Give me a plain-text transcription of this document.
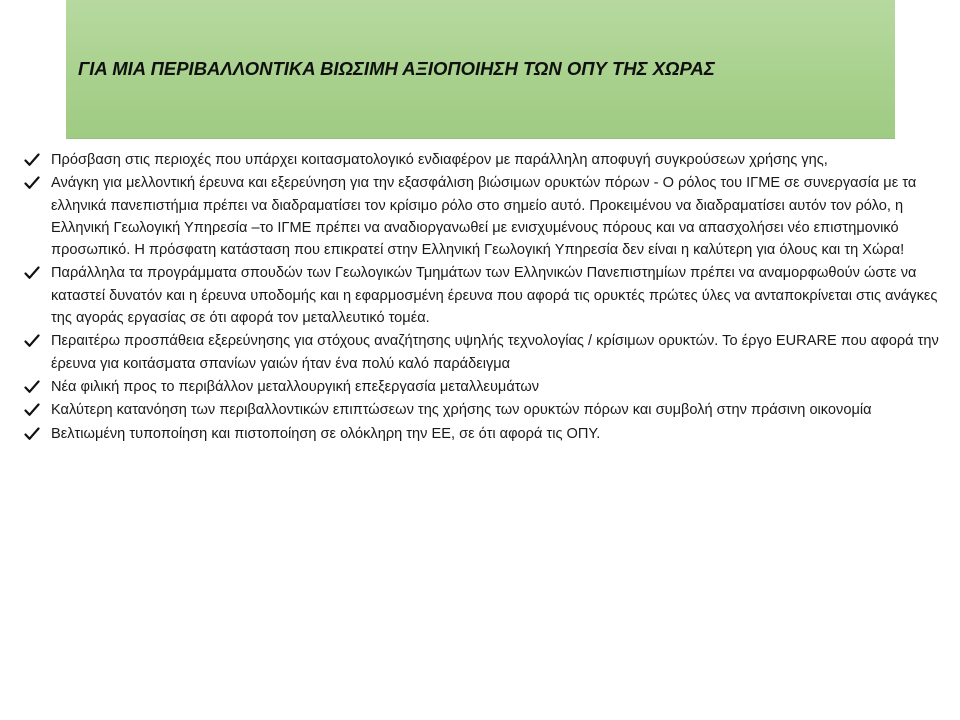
ΓΙΑ ΜΙΑ ΠΕΡΙΒΑΛΛΟΝΤΙΚΑ ΒΙΩΣΙΜΗ ΑΞΙΟΠΟΙΗΣΗ ΤΩΝ ΟΠΥ ΤΗΣ ΧΩΡΑΣ
Πρόσβαση στις περιοχές που υπάρχει κοιτασματολογικό ενδιαφέρον με παράλληλη αποφυγή συγκρούσεων χρήσης γης,
Ανάγκη για μελλοντική έρευνα και εξερεύνηση για την εξασφάλιση βιώσιμων ορυκτών πόρων - Ο ρόλος του ΙΓΜΕ σε συνεργασία με τα ελληνικά πανεπιστήμια πρέπει να διαδραματίσει τον κρίσιμο ρόλο στο σημείο αυτό. Προκειμένου να διαδραματίσει αυτόν τον ρόλο, η Ελληνική Γεωλογική Υπηρεσία –το ΙΓΜΕ πρέπει να αναδιοργανωθεί με ενισχυμένους πόρους και να απασχολήσει νέο επιστημονικό προσωπικό. Η πρόσφατη κατάσταση που επικρατεί στην Ελληνική Γεωλογική Υπηρεσία δεν είναι η καλύτερη για όλους και τη Χώρα!
Παράλληλα τα προγράμματα σπουδών των Γεωλογικών Τμημάτων των Ελληνικών Πανεπιστημίων πρέπει να αναμορφωθούν ώστε να καταστεί δυνατόν και η έρευνα υποδομής και η εφαρμοσμένη έρευνα που αφορά τις ορυκτές πρώτες ύλες να ανταποκρίνεται στις ανάγκες της αγοράς εργασίας σε ότι αφορά τον μεταλλευτικό τομέα.
Περαιτέρω προσπάθεια εξερεύνησης για στόχους αναζήτησης υψηλής τεχνολογίας / κρίσιμων ορυκτών. Το έργο EURARE που αφορά την έρευνα για κοιτάσματα σπανίων γαιών ήταν ένα πολύ καλό παράδειγμα
Νέα φιλική προς το περιβάλλον μεταλλουργική επεξεργασία μεταλλευμάτων
Καλύτερη κατανόηση των περιβαλλοντικών επιπτώσεων της χρήσης των ορυκτών πόρων και συμβολή στην πράσινη οικονομία
Βελτιωμένη τυποποίηση και πιστοποίηση σε ολόκληρη την ΕΕ, σε ότι αφορά τις ΟΠΥ.
